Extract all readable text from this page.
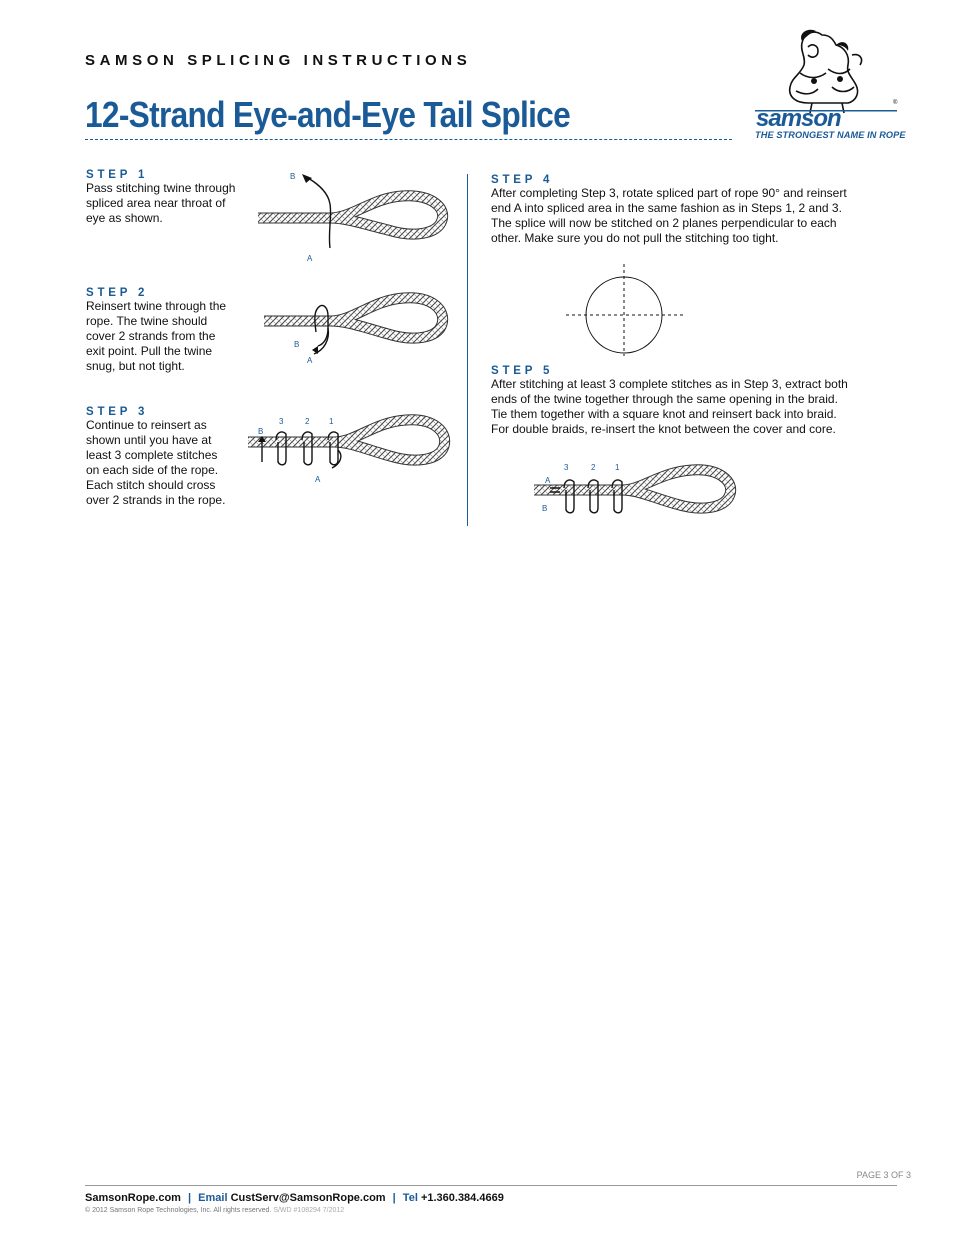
SAMSON SPLICING INSTRUCTIONS
12-Strand Eye-and-Eye Tail Splice	®
samson
THE STRONGEST NAME IN ROPE
STEP 1
Pass stitching twine through
spliced area near throat of
eye as shown.
B
A
STEP 2
Reinsert twine through the
rope. The twine should
cover 2 strands from the
exit point. Pull the twine
snug, but not tight.
B
A
STEP 3
Continue to reinsert as
shown until you have at
least 3 complete stitches
on each side of the rope.
Each stitch should cross
over 2 strands in the rope.
B
3	2 1
A
STEP 4
After completing Step 3, rotate spliced part of rope 90° and reinsert
end A into spliced area in the same fashion as in Steps 1, 2 and 3.
The splice will now be stitched on 2 planes perpendicular to each
other. Make sure you do not pull the stitching too tight.
STEP 5
After stitching at least 3 complete stitches as in Step 3, extract both
ends of the twine together through the same opening in the braid.
Tie them together with a square knot and reinsert back into braid.
For double braids, re-insert the knot between the cover and core.
A
B
3	2 1
PAGE 3 OF 3
SamsonRope.com | Email CustServ@SamsonRope.com | Tel +1.360.384.4669
© 2012 Samson Rope Technologies, Inc. All rights reserved. S/WD #108294 7/2012
